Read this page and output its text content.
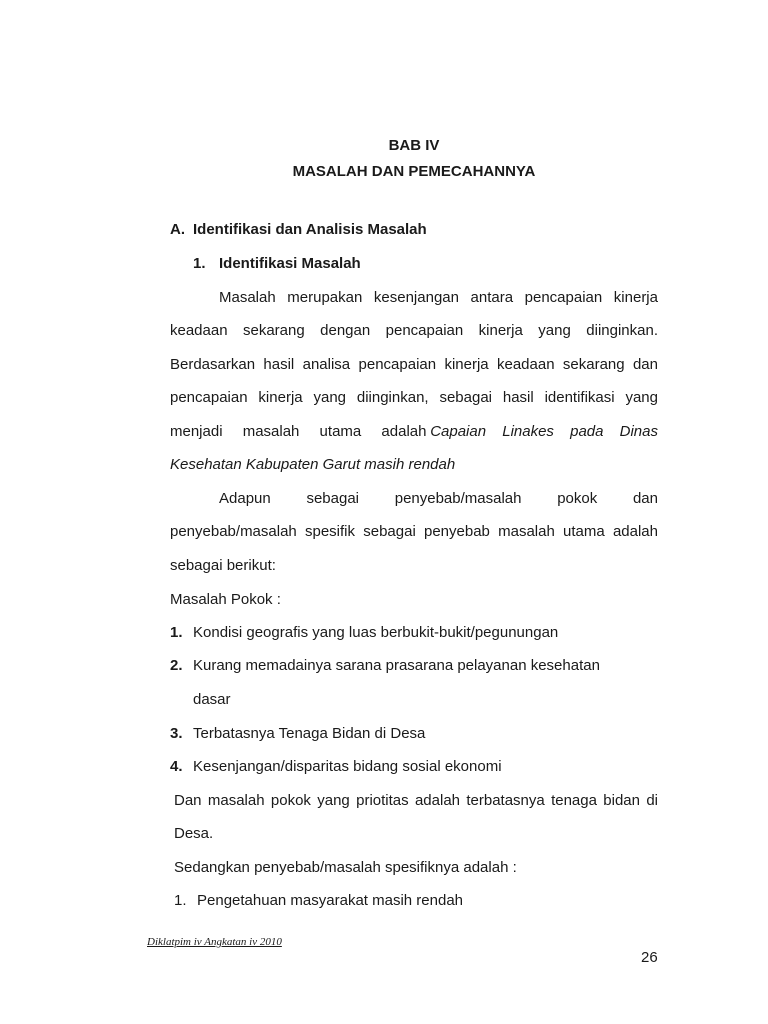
BAB IV

MASALAH DAN PEMECAHANNYA

A. Identifikasi dan Analisis Masalah

1. Identifikasi Masalah

Masalah merupakan kesenjangan antara pencapaian kinerja

keadaan sekarang dengan pencapaian kinerja yang diinginkan.

Berdasarkan hasil analisa pencapaian kinerja keadaan sekarang dan

pencapaian kinerja yang diinginkan, sebagai hasil identifikasi yang

menjadi masalah utama adalah Capaian Linakes pada Dinas

Kesehatan Kabupaten Garut masih rendah

Adapun sebagai penyebab/masalah pokok dan

penyebab/masalah spesifik sebagai penyebab masalah utama adalah

sebagai berikut:

Masalah Pokok :

1. Kondisi geografis yang luas berbukit-bukit/pegunungan

2. Kurang memadainya sarana prasarana pelayanan kesehatan

dasar

3. Terbatasnya Tenaga Bidan di Desa

4. Kesenjangan/disparitas bidang sosial ekonomi

Dan masalah pokok yang priotitas adalah terbatasnya tenaga bidan di

Desa.

Sedangkan penyebab/masalah spesifiknya adalah :

1. Pengetahuan masyarakat masih rendah

Diklatpim iv Angkatan iv 2010

26
